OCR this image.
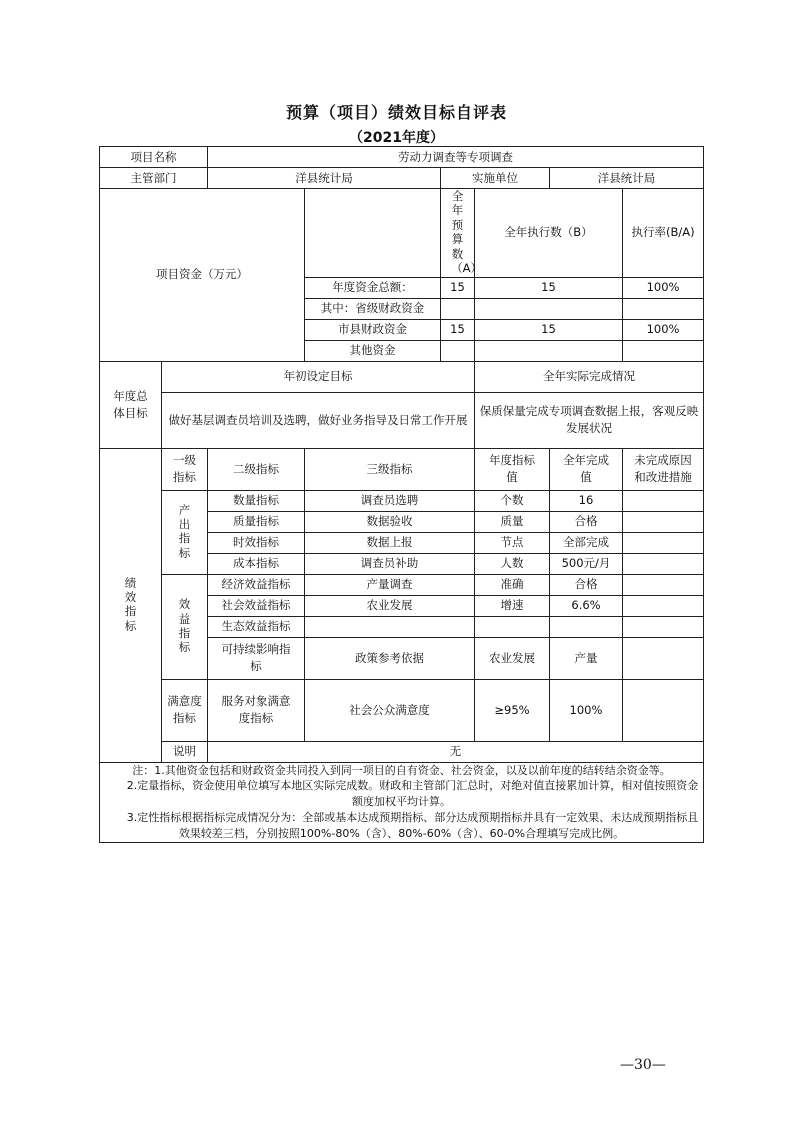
预算（项目）绩效目标自评表
（2021年度）
项目名称		劳动力调查等专项调查					
主管部门		洋县统计局		实施单位		洋县统计局	
项目资金（万元）				全年预算数（A）	全年执行数（B）		执行率(B/A)
			年度资金总额：	15	15		100%
			其中：省级财政资金				
			市县财政资金	15	15		100%
			其他资金				
年度总体目标	年初设定目标				全年实际完成情况		
	做好基层调查员培训及选聘，做好业务指导及日常工作开展				保质保量完成专项调查数据上报，客观反映发展状况		
绩效指标	一级指标	二级指标	三级指标		年度指标值	全年完成值	未完成原因和改进措施
	产出指标	数量指标	调查员选聘		个数	16	
		质量指标	数据验收		质量	合格	
		时效指标	数据上报		节点	全部完成	
		成本指标	调查员补助		人数	500元/月	
	效益指标	经济效益指标	产量调查		准确	合格	
		社会效益指标	农业发展		增速	6.6%	
		生态效益指标					
		可持续影响指标	政策参考依据		农业发展	产量	
	满意度指标	服务对象满意度指标	社会公众满意度		≥95%	100%	
	说明	无					

注：1.其他资金包括和财政资金共同投入到同一项目的自有资金、社会资金，以及以前年度的结转结余资金等。

2.定量指标，资金使用单位填写本地区实际完成数。财政和主管部门汇总时，对绝对值直接累加计算，相对值按照资金额度加权平均计算。

3.定性指标根据指标完成情况分为：全部或基本达成预期指标、部分达成预期指标并具有一定效果、未达成预期指标且效果较差三档，分别按照100%-80%（含）、80%-60%（含）、60-0%合理填写完成比例。							

—30—
